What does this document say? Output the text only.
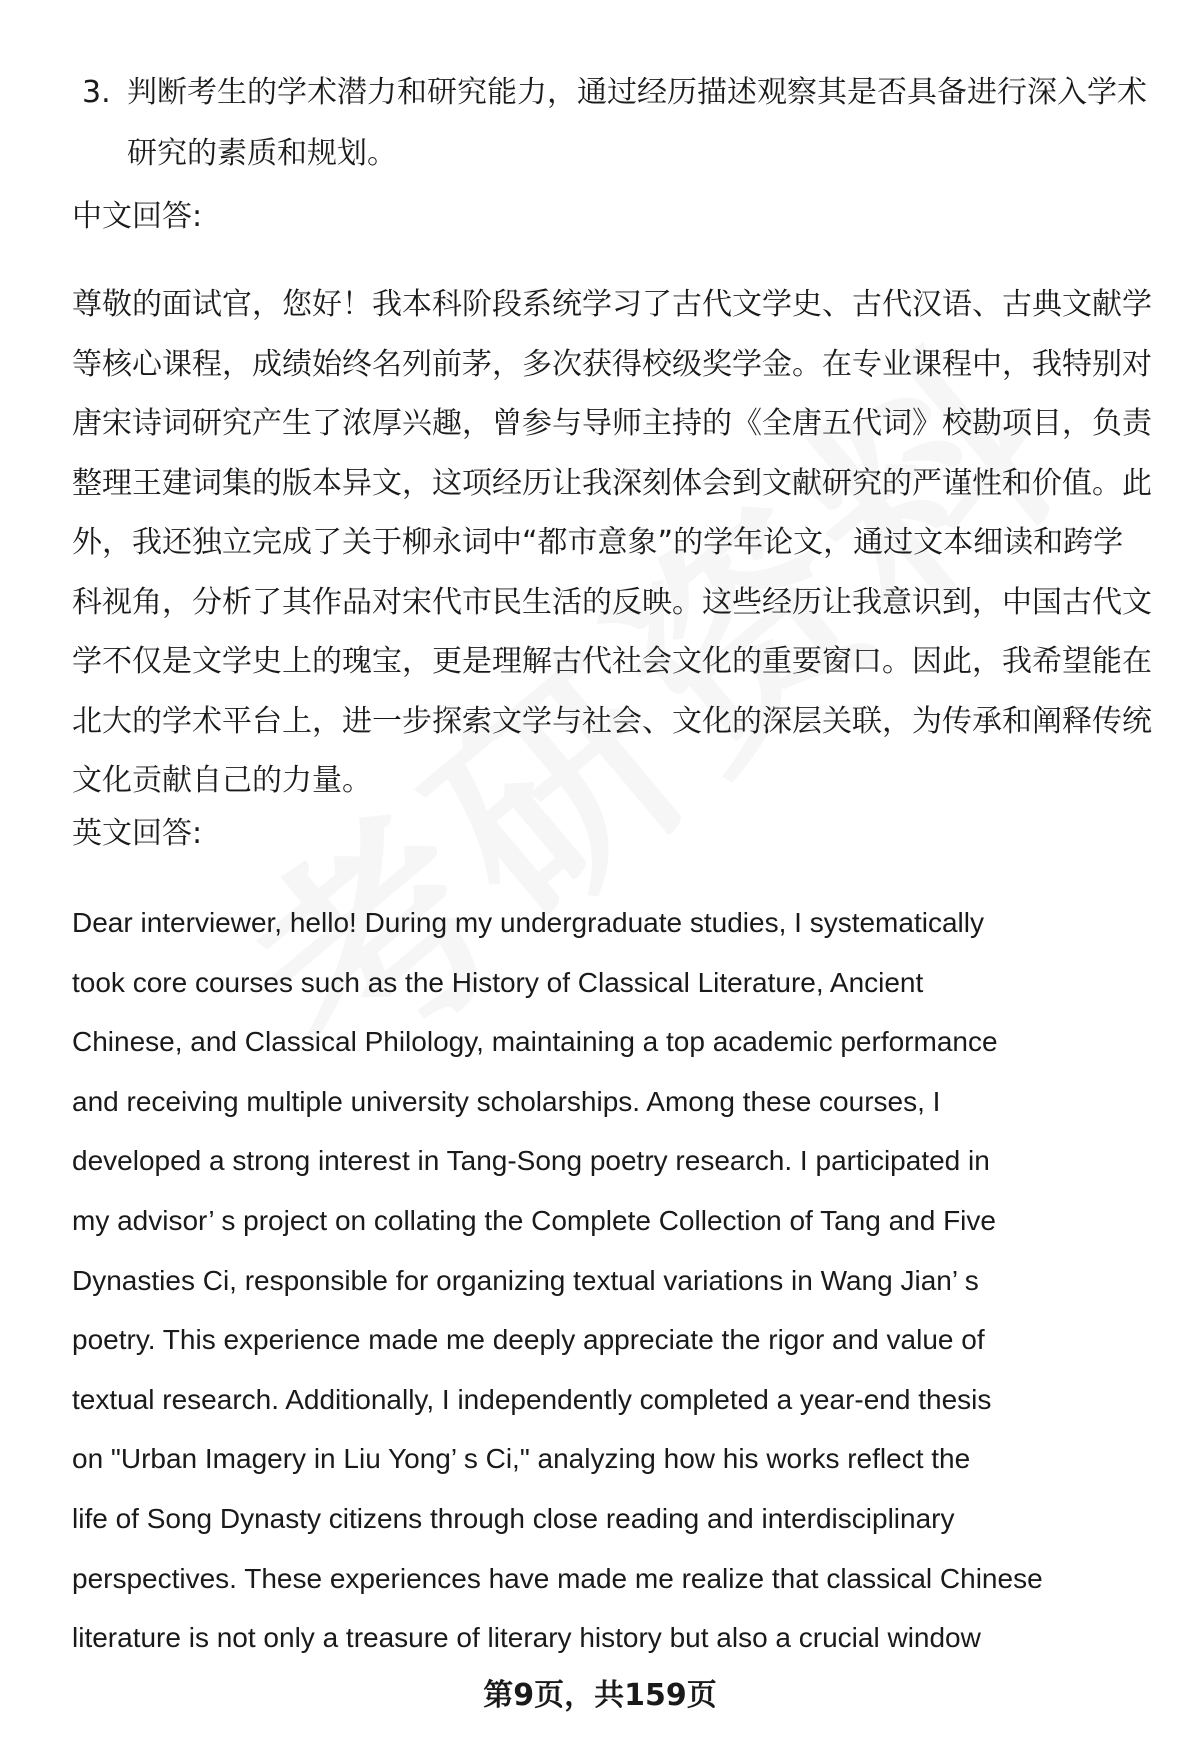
3. 判断考生的学术潜力和研究能力，通过经历描述观察其是否具备进行深入学术
研究的素质和规划。
中文回答:
尊敬的面试官，您好！我本科阶段系统学习了古代文学史、古代汉语、古典文献学
等核心课程，成绩始终名列前茅，多次获得校级奖学金。在专业课程中，我特别对
唐宋诗词研究产生了浓厚兴趣，曾参与导师主持的《全唐五代词》校勘项目，负责
整理王建词集的版本异文，这项经历让我深刻体会到文献研究的严谨性和价值。此
外，我还独立完成了关于柳永词中“都市意象”的学年论文，通过文本细读和跨学
科视角，分析了其作品对宋代市民生活的反映。这些经历让我意识到，中国古代文
学不仅是文学史上的瑰宝，更是理解古代社会文化的重要窗口。因此，我希望能在
北大的学术平台上，进一步探索文学与社会、文化的深层关联，为传承和阐释传统
文化贡献自己的力量。
英文回答:
Dear interviewer, hello! During my undergraduate studies, I systematically
took core courses such as the History of Classical Literature, Ancient
Chinese, and Classical Philology, maintaining a top academic performance
and receiving multiple university scholarships. Among these courses, I
developed a strong interest in Tang-Song poetry research. I participated in
my advisor’ s project on collating the Complete Collection of Tang and Five
Dynasties Ci, responsible for organizing textual variations in Wang Jian’ s
poetry. This experience made me deeply appreciate the rigor and value of
textual research. Additionally, I independently completed a year-end thesis
on "Urban Imagery in Liu Yong’ s Ci," analyzing how his works reflect the
life of Song Dynasty citizens through close reading and interdisciplinary
perspectives. These experiences have made me realize that classical Chinese
literature is not only a treasure of literary history but also a crucial window
第9页，共159页
